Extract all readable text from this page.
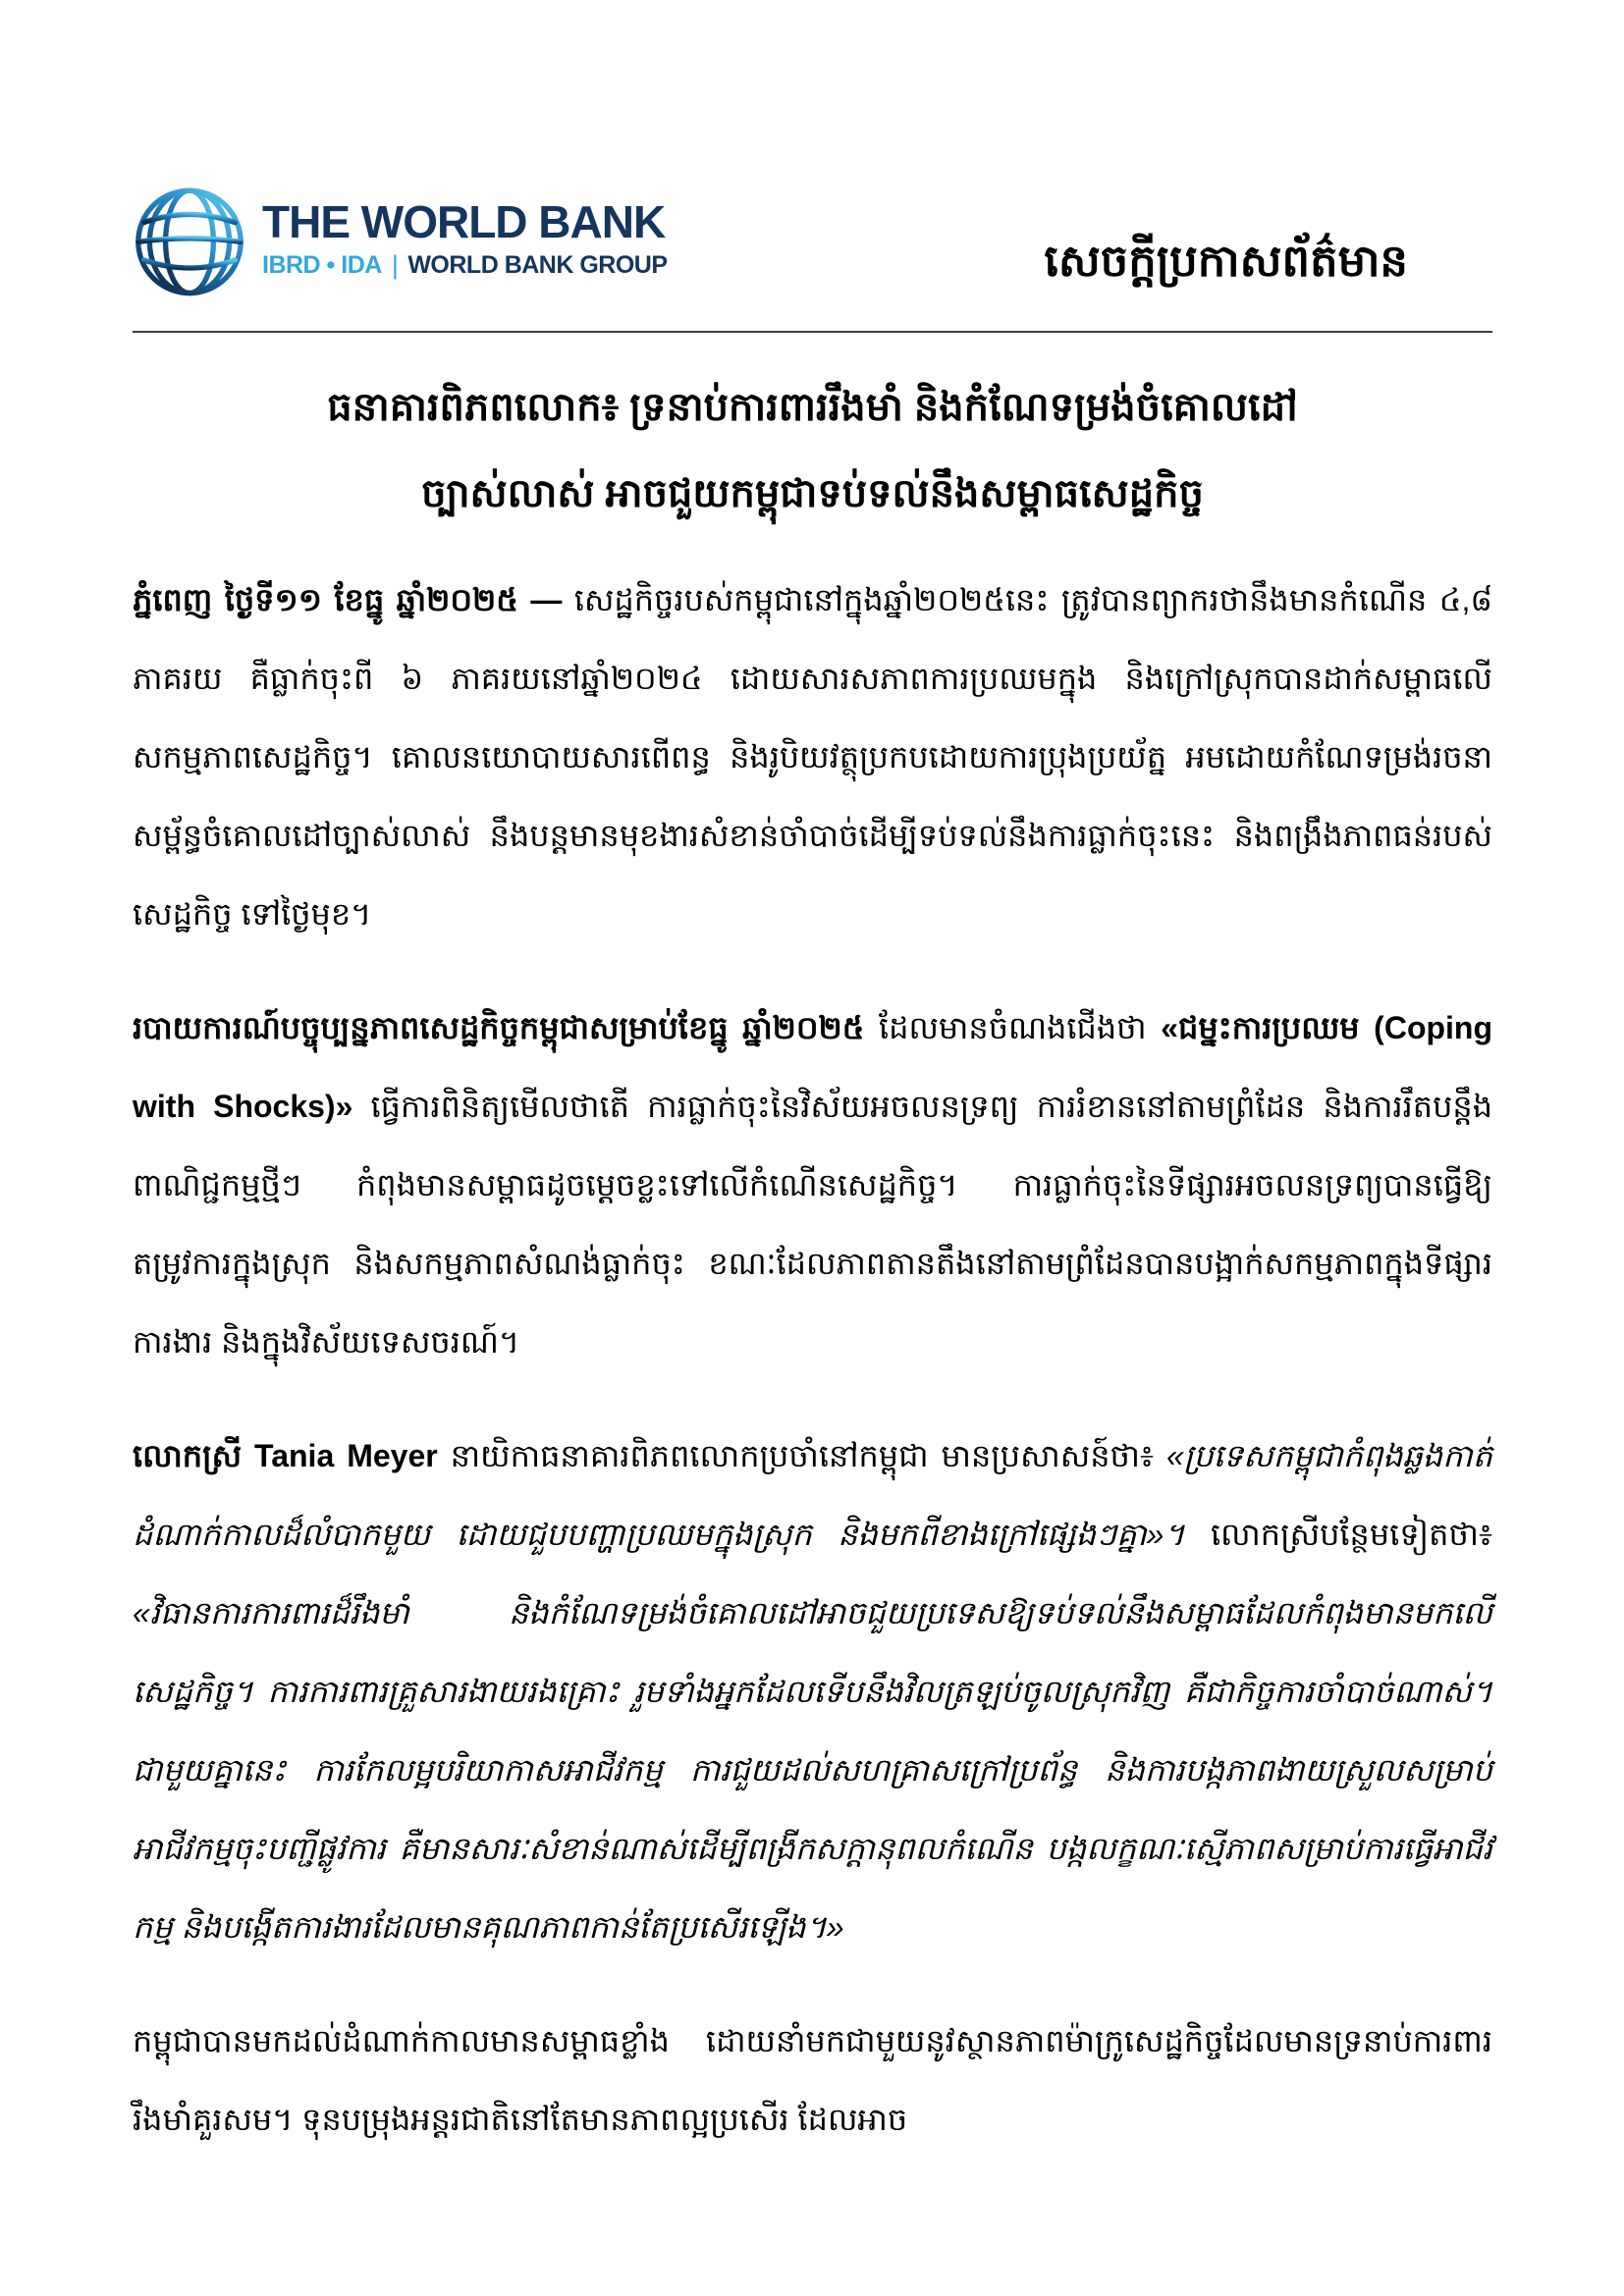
THE WORLD BANK
IBRD • IDA | WORLD BANK GROUP	សេចក្ដីប្រកាសព័ត៌មាន
ធនាគារពិភពលោក៖ ទ្រនាប់ការពាររឹងមាំ និងកំណែទម្រង់ចំគោលដៅ
ច្បាស់លាស់ អាចជួយកម្ពុជាទប់ទល់នឹងសម្ពាធសេដ្ឋកិច្ច

ភ្នំពេញ ថ្ងៃទី១១ ខែធ្នូ ឆ្នាំ២០២៥ — សេដ្ឋកិច្ចរបស់កម្ពុជានៅក្នុងឆ្នាំ២០២៥នេះ ត្រូវបានព្យាករថានឹងមានកំណើន ៤,៨ ភាគរយ គឺធ្លាក់ចុះពី ៦ ភាគរយនៅឆ្នាំ២០២៤ ដោយសារសភាពការប្រឈមក្នុង និងក្រៅស្រុកបានដាក់សម្ពាធលើសកម្មភាពសេដ្ឋកិច្ច។ គោលនយោបាយសារពើពន្ធ និងរូបិយវត្ថុប្រកបដោយការប្រុងប្រយ័ត្ន អមដោយកំណែទម្រង់រចនាសម្ព័ន្ធចំគោលដៅច្បាស់លាស់ នឹងបន្តមានមុខងារសំខាន់ចាំបាច់ដើម្បីទប់ទល់នឹងការធ្លាក់ចុះនេះ និងពង្រឹងភាពធន់របស់សេដ្ឋកិច្ច ទៅថ្ងៃមុខ។

របាយការណ៍បច្ចុប្បន្នភាពសេដ្ឋកិច្ចកម្ពុជាសម្រាប់ខែធ្នូ ឆ្នាំ២០២៥ ដែលមានចំណងជើងថា «ជម្នះការប្រឈម (Coping with Shocks)» ធ្វើការពិនិត្យមើលថាតើ ការធ្លាក់ចុះនៃវិស័យអចលនទ្រព្យ ការរំខាននៅតាមព្រំដែន និងការរឹតបន្តឹងពាណិជ្ជកម្មថ្មីៗ កំពុងមានសម្ពាធដូចម្ដេចខ្លះទៅលើកំណើនសេដ្ឋកិច្ច។ ការធ្លាក់ចុះនៃទីផ្សារអចលនទ្រព្យបានធ្វើឱ្យតម្រូវការក្នុងស្រុក និងសកម្មភាពសំណង់ធ្លាក់ចុះ ខណៈដែលភាពតានតឹងនៅតាមព្រំដែនបានបង្អាក់សកម្មភាពក្នុងទីផ្សារការងារ និងក្នុងវិស័យទេសចរណ៍។

លោកស្រី Tania Meyer នាយិកាធនាគារពិភពលោកប្រចាំនៅកម្ពុជា មានប្រសាសន៍ថា៖ «ប្រទេសកម្ពុជាកំពុងឆ្លងកាត់ដំណាក់កាលដ៏លំបាកមួយ ដោយជួបបញ្ហាប្រឈមក្នុងស្រុក និងមកពីខាងក្រៅផ្សេងៗគ្នា»។ លោកស្រីបន្ថែមទៀតថា៖ «វិធានការការពារដ៏រឹងមាំ និងកំណែទម្រង់ចំគោលដៅអាចជួយប្រទេសឱ្យទប់ទល់នឹងសម្ពាធដែលកំពុងមានមកលើសេដ្ឋកិច្ច។ ការការពារគ្រួសារងាយរងគ្រោះ រួមទាំងអ្នកដែលទើបនឹងវិលត្រឡប់ចូលស្រុកវិញ គឺជាកិច្ចការចាំបាច់ណាស់។ ជាមួយគ្នានេះ ការកែលម្អបរិយាកាសអាជីវកម្ម ការជួយដល់សហគ្រាសក្រៅប្រព័ន្ធ និងការបង្កភាពងាយស្រួលសម្រាប់អាជីវកម្មចុះបញ្ជីផ្លូវការ គឺមានសារៈសំខាន់ណាស់ដើម្បីពង្រីកសក្ដានុពលកំណើន បង្កលក្ខណៈស្មើភាពសម្រាប់ការធ្វើអាជីវកម្ម និងបង្កើតការងារដែលមានគុណភាពកាន់តែប្រសើរឡើង។»

កម្ពុជាបានមកដល់ដំណាក់កាលមានសម្ពាធខ្លាំង ដោយនាំមកជាមួយនូវស្ថានភាពម៉ាក្រូសេដ្ឋកិច្ចដែលមានទ្រនាប់ការពាររឹងមាំគួរសម។ ទុនបម្រុងអន្តរជាតិនៅតែមានភាពល្អប្រសើរ ដែលអាច
